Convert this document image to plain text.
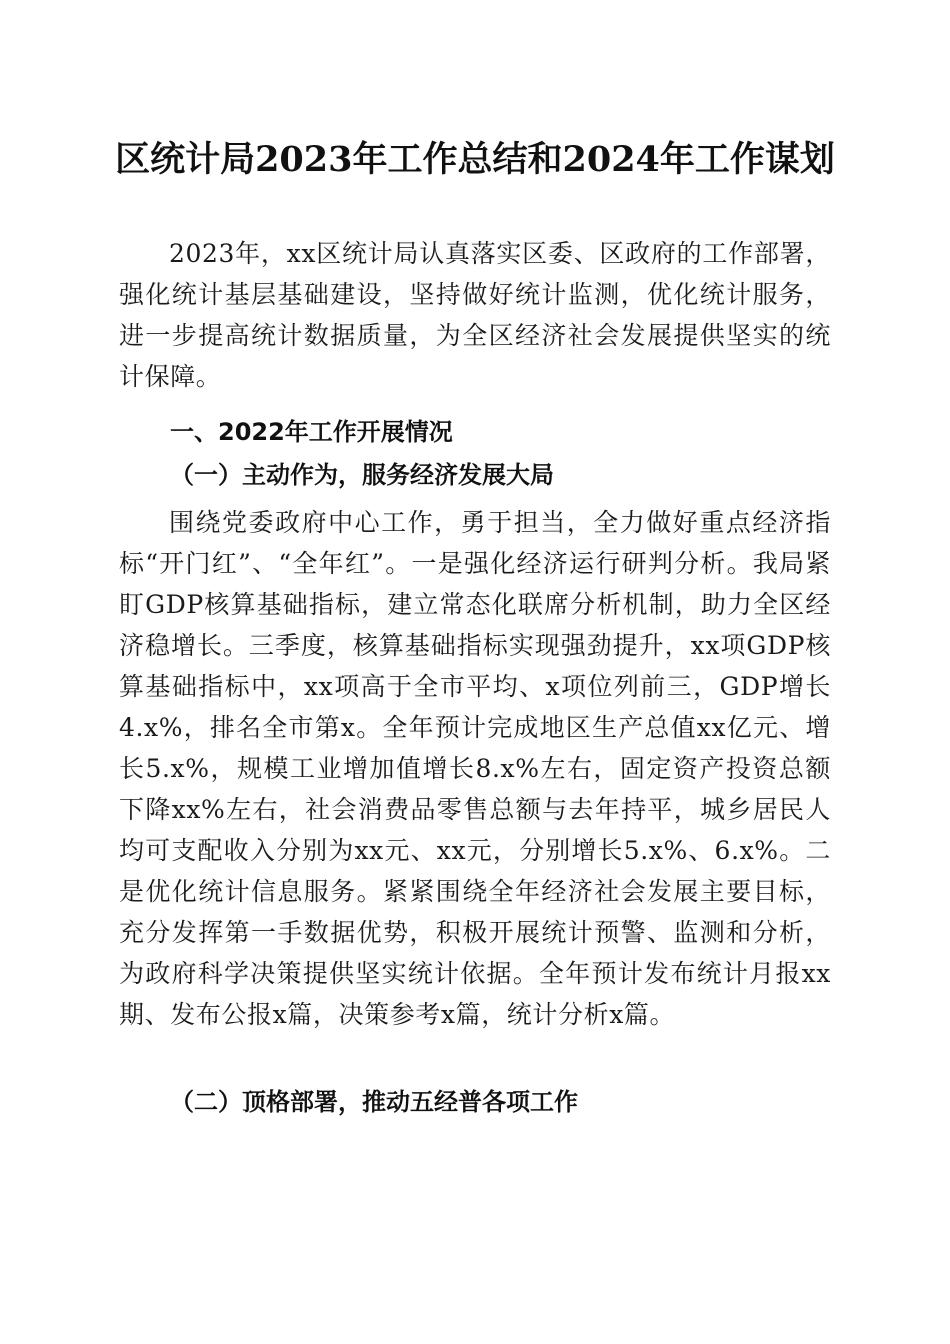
区统计局2023年工作总结和2024年工作谋划
2023年，xx区统计局认真落实区委、区政府的工作部署，强化统计基层基础建设，坚持做好统计监测，优化统计服务，进一步提高统计数据质量，为全区经济社会发展提供坚实的统计保障。
一、2022年工作开展情况
（一）主动作为，服务经济发展大局
围绕党委政府中心工作，勇于担当，全力做好重点经济指标“开门红”、“全年红”。一是强化经济运行研判分析。我局紧盯GDP核算基础指标，建立常态化联席分析机制，助力全区经济稳增长。三季度，核算基础指标实现强劲提升，xx项GDP核算基础指标中，xx项高于全市平均、x项位列前三，GDP增长4.x%，排名全市第x。全年预计完成地区生产总值xx亿元、增长5.x%，规模工业增加值增长8.x%左右，固定资产投资总额下降xx%左右，社会消费品零售总额与去年持平，城乡居民人均可支配收入分别为xx元、xx元，分别增长5.x%、6.x%。二是优化统计信息服务。紧紧围绕全年经济社会发展主要目标，充分发挥第一手数据优势，积极开展统计预警、监测和分析，为政府科学决策提供坚实统计依据。全年预计发布统计月报xx期、发布公报x篇，决策参考x篇，统计分析x篇。
（二）顶格部署，推动五经普各项工作
